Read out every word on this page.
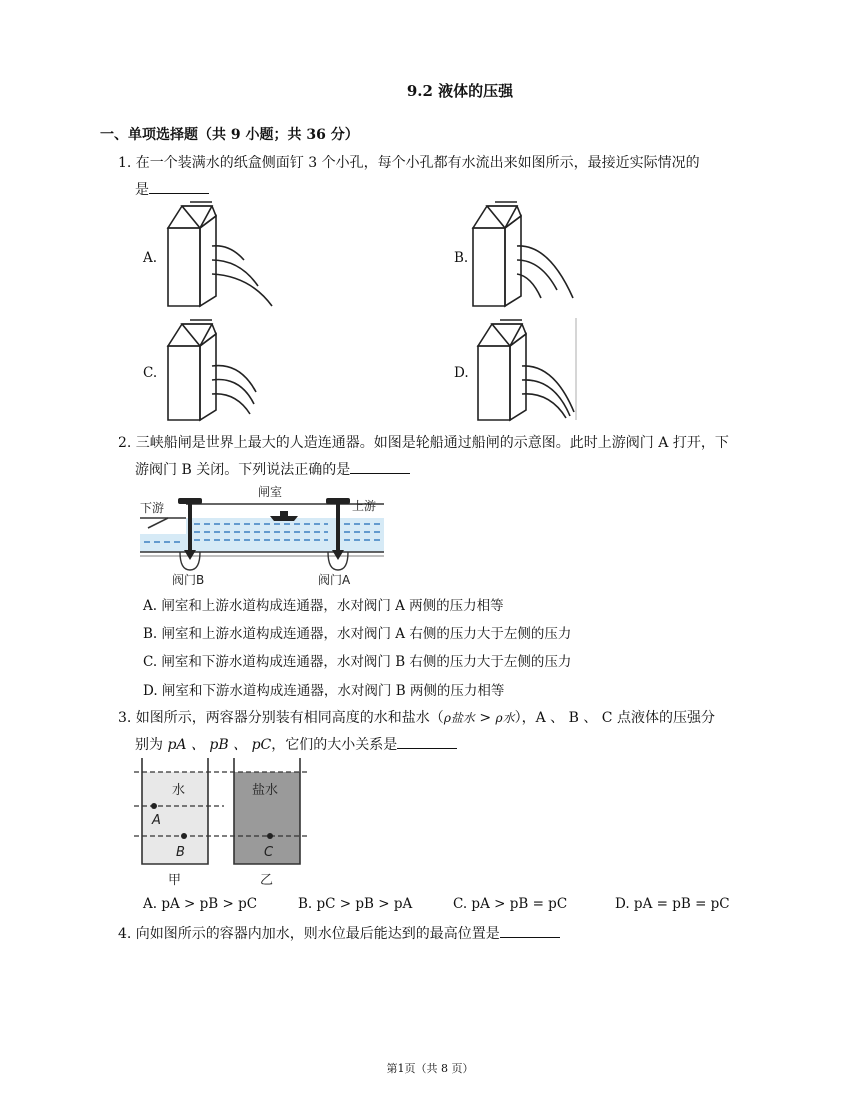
9.2 液体的压强
一、单项选择题（共 9 小题；共 36 分）
1. 在一个装满水的纸盒侧面钉 3 个小孔，每个小孔都有水流出来如图所示，最接近实际情况的
是
A.	B.
C.	D.
2. 三峡船闸是世界上最大的人造连通器。如图是轮船通过船闸的示意图。此时上游阀门 A 打开，下
游阀门 B 关闭。下列说法正确的是
闸室
下游	上游
阀门B	阀门A
A. 闸室和上游水道构成连通器，水对阀门 A 两侧的压力相等
B. 闸室和上游水道构成连通器，水对阀门 A 右侧的压力大于左侧的压力
C. 闸室和下游水道构成连通器，水对阀门 B 右侧的压力大于左侧的压力
D. 闸室和下游水道构成连通器，水对阀门 B 两侧的压力相等
3. 如图所示，两容器分别装有相同高度的水和盐水（ρ盐水 > ρ水），A 、 B 、 C 点液体的压强分
别为 pA 、 pB 、 pC，它们的大小关系是
水	盐水
A
B	C
甲	乙
A. pA > pB > pC	B. pC > pB > pA	C. pA > pB = pC	D. pA = pB = pC
4. 向如图所示的容器内加水，则水位最后能达到的最高位置是
第1页（共 8 页）
